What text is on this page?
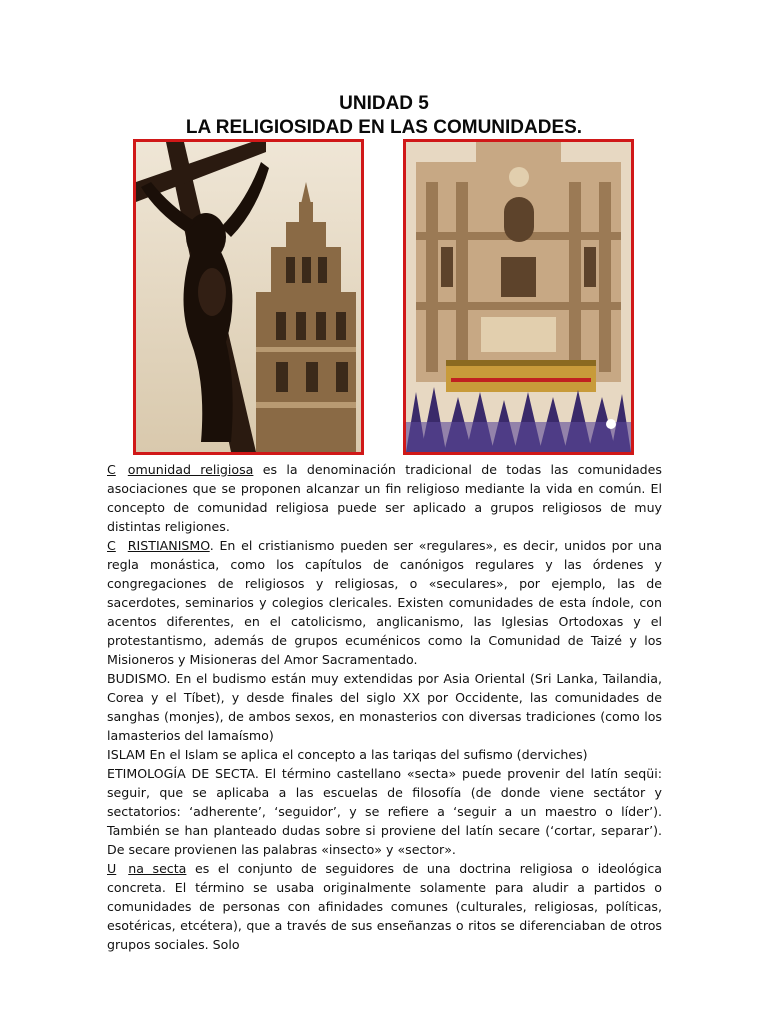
UNIDAD 5
LA RELIGIOSIDAD EN LAS COMUNIDADES.

C omunidad religiosa es la denominación tradicional de todas las comunidades asociaciones que se proponen alcanzar un fin religioso mediante la vida en común. El concepto de comunidad religiosa puede ser aplicado a grupos religiosos de muy distintas religiones.

C RISTIANISMO. En el cristianismo pueden ser «regulares», es decir, unidos por una regla monástica, como los capítulos de canónigos regulares y las órdenes y congregaciones de religiosos y religiosas, o «seculares», por ejemplo, las de sacerdotes, seminarios y colegios clericales. Existen comunidades de esta índole, con acentos diferentes, en el catolicismo, anglicanismo, las Iglesias Ortodoxas y el protestantismo, además de grupos ecuménicos como la Comunidad de Taizé y los Misioneros y Misioneras del Amor Sacramentado.

BUDISMO. En el budismo están muy extendidas por Asia Oriental (Sri Lanka, Tailandia, Corea y el Tíbet), y desde finales del siglo XX por Occidente, las comunidades de sanghas (monjes), de ambos sexos, en monasterios con diversas tradiciones (como los lamasterios del lamaísmo)

ISLAM En el Islam se aplica el concepto a las tariqas del sufismo (derviches)

ETIMOLOGÍA DE SECTA. El término castellano «secta» puede provenir del latín seqüi: seguir, que se aplicaba a las escuelas de filosofía (de donde viene sectátor y sectatorios: ‘adherente’, ‘seguidor’, y se refiere a ‘seguir a un maestro o líder’). También se han planteado dudas sobre si proviene del latín secare (‘cortar, separar’). De secare provienen las palabras «insecto» y «sector».

U na secta es el conjunto de seguidores de una doctrina religiosa o ideológica concreta. El término se usaba originalmente solamente para aludir a partidos o comunidades de personas con afinidades comunes (culturales, religiosas, políticas, esotéricas, etcétera), que a través de sus enseñanzas o ritos se diferenciaban de otros grupos sociales. Solo
